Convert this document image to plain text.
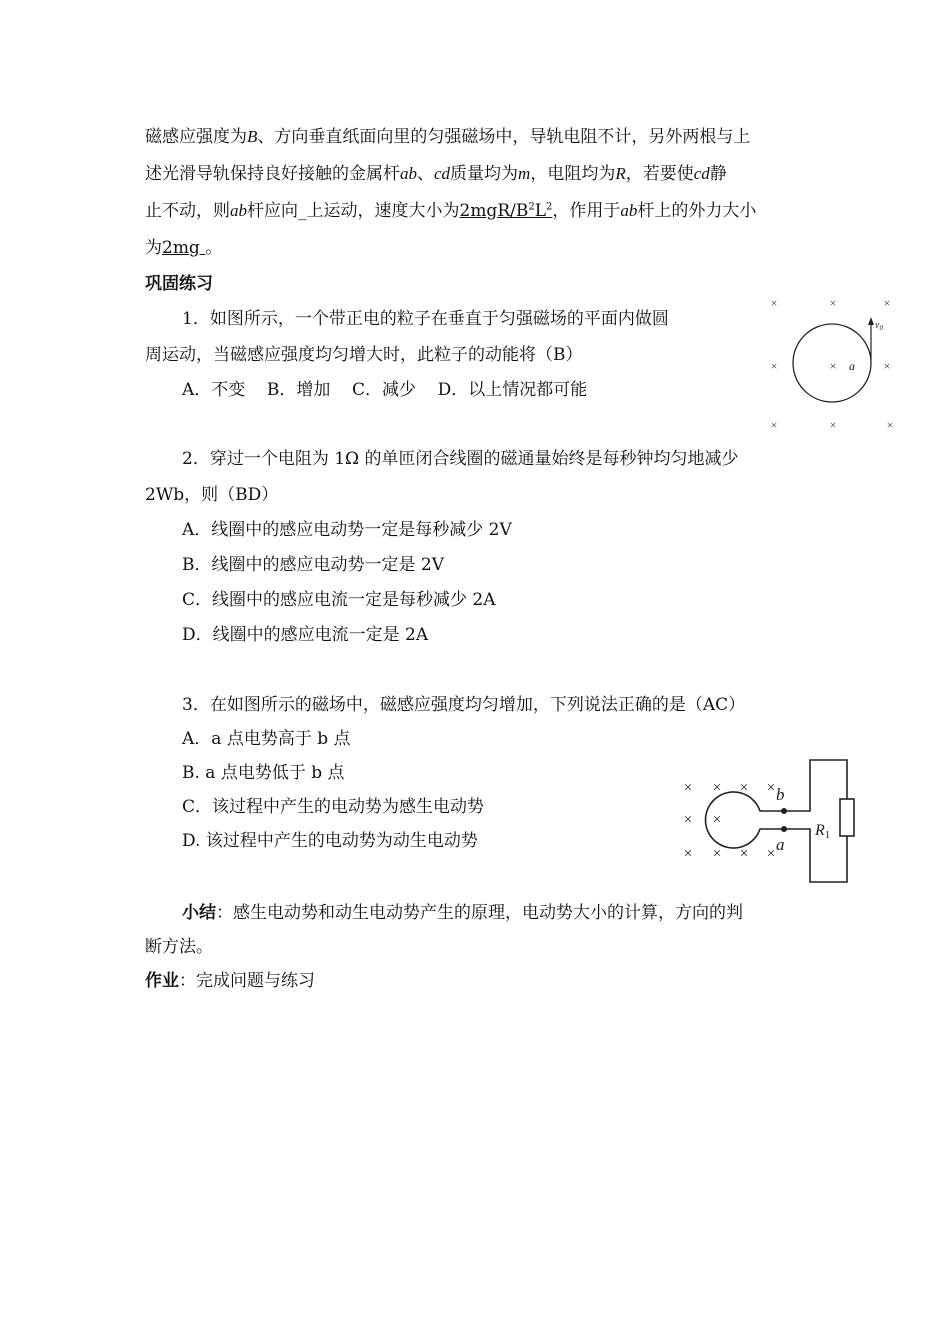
磁感应强度为B、方向垂直纸面向里的匀强磁场中，导轨电阻不计，另外两根与上
述光滑导轨保持良好接触的金属杆ab、cd质量均为m，电阻均为R，若要使cd静
止不动，则ab杆应向_上运动，速度大小为$2mgR/B^2L^2$，作用于ab杆上的外力大小
为2mg 。
巩固练习
1．如图所示，一个带正电的粒子在垂直于匀强磁场的平面内做圆
周运动，当磁感应强度均匀增大时，此粒子的动能将（B）
A．不变    B．增加    C．减少    D．以上情况都可能
×	×	×
×	×	×
×	×	×
$v_0$
a
2．穿过一个电阻为 1Ω 的单匝闭合线圈的磁通量始终是每秒钟均匀地减少
2Wb，则（BD）
A．线圈中的感应电动势一定是每秒减少 2V
B．线圈中的感应电动势一定是 2V
C．线圈中的感应电流一定是每秒减少 2A
D．线圈中的感应电流一定是 2A
3．在如图所示的磁场中，磁感应强度均匀增加，下列说法正确的是（AC）
A．a 点电势高于 b 点
B. a 点电势低于 b 点
C．该过程中产生的电动势为感生电动势
D. 该过程中产生的电动势为动生电动势
× × × ×
× ×
× × × ×
b
a
R1
小结：感生电动势和动生电动势产生的原理，电动势大小的计算，方向的判
断方法。
作业：完成问题与练习
